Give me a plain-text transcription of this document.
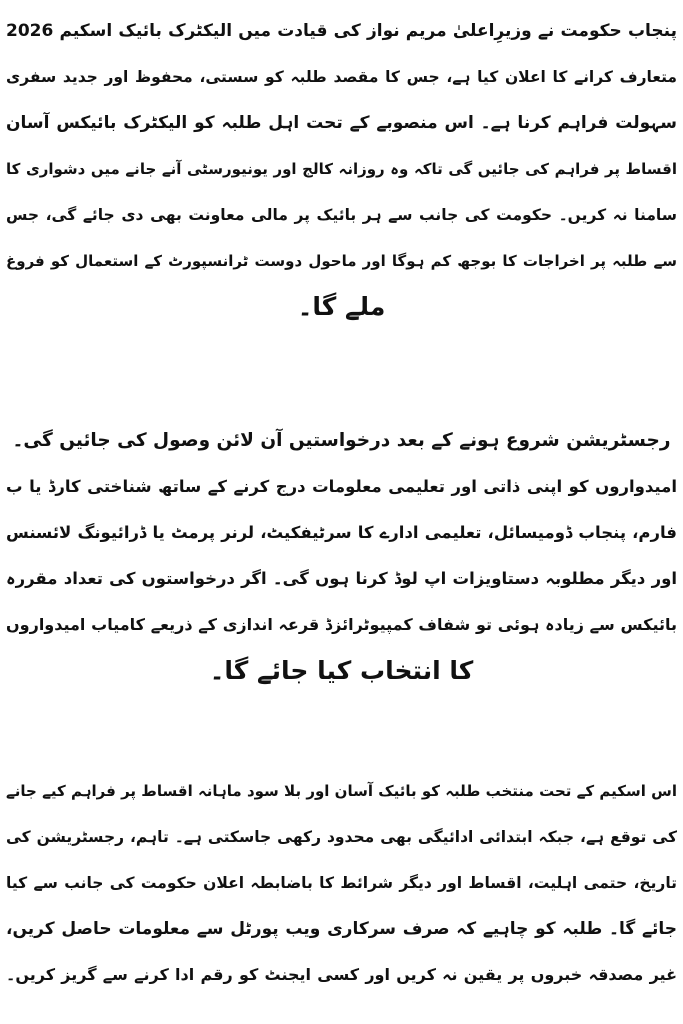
پنجاب حکومت نے وزیرِاعلیٰ مریم نواز کی قیادت میں الیکٹرک بائیک اسکیم 2026
متعارف کرانے کا اعلان کیا ہے، جس کا مقصد طلبہ کو سستی، محفوظ اور جدید سفری
سہولت فراہم کرنا ہے۔ اس منصوبے کے تحت اہل طلبہ کو الیکٹرک بائیکس آسان
اقساط پر فراہم کی جائیں گی تاکہ وہ روزانہ کالج اور یونیورسٹی آنے جانے میں دشواری کا
سامنا نہ کریں۔ حکومت کی جانب سے ہر بائیک پر مالی معاونت بھی دی جائے گی، جس
سے طلبہ پر اخراجات کا بوجھ کم ہوگا اور ماحول دوست ٹرانسپورٹ کے استعمال کو فروغ
ملے گا۔
رجسٹریشن شروع ہونے کے بعد درخواستیں آن لائن وصول کی جائیں گی۔
امیدواروں کو اپنی ذاتی اور تعلیمی معلومات درج کرنے کے ساتھ شناختی کارڈ یا ب
فارم، پنجاب ڈومیسائل، تعلیمی ادارے کا سرٹیفکیٹ، لرنر پرمٹ یا ڈرائیونگ لائسنس
اور دیگر مطلوبہ دستاویزات اپ لوڈ کرنا ہوں گی۔ اگر درخواستوں کی تعداد مقررہ
بائیکس سے زیادہ ہوئی تو شفاف کمپیوٹرائزڈ قرعہ اندازی کے ذریعے کامیاب امیدواروں
کا انتخاب کیا جائے گا۔
اس اسکیم کے تحت منتخب طلبہ کو بائیک آسان اور بلا سود ماہانہ اقساط پر فراہم کیے جانے
کی توقع ہے، جبکہ ابتدائی ادائیگی بھی محدود رکھی جاسکتی ہے۔ تاہم، رجسٹریشن کی
تاریخ، حتمی اہلیت، اقساط اور دیگر شرائط کا باضابطہ اعلان حکومت کی جانب سے کیا
جائے گا۔ طلبہ کو چاہیے کہ صرف سرکاری ویب پورٹل سے معلومات حاصل کریں،
غیر مصدقہ خبروں پر یقین نہ کریں اور کسی ایجنٹ کو رقم ادا کرنے سے گریز کریں۔
